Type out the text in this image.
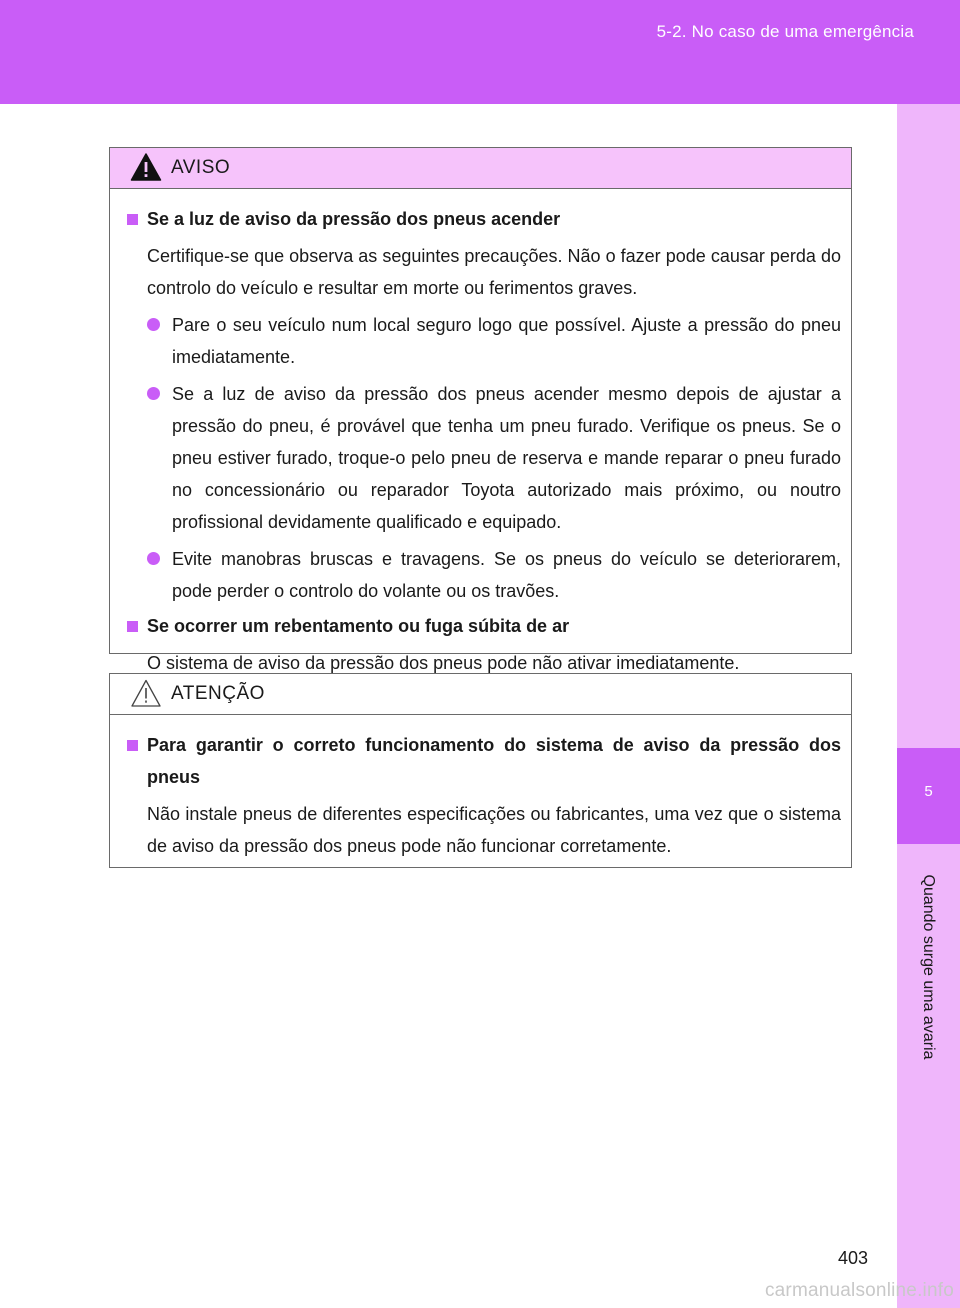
5-2. No caso de uma emergência
5
Quando surge uma avaria
AVISO
Se a luz de aviso da pressão dos pneus acender
Certifique-se que observa as seguintes precauções. Não o fazer pode causar perda do controlo do veículo e resultar em morte ou ferimentos graves.
Pare o seu veículo num local seguro logo que possível. Ajuste a pressão do pneu imediatamente.
Se a luz de aviso da pressão dos pneus acender mesmo depois de ajustar a pressão do pneu, é provável que tenha um pneu furado. Verifique os pneus. Se o pneu estiver furado, troque-o pelo pneu de reserva e mande reparar o pneu furado no concessionário ou reparador Toyota autorizado mais próximo, ou noutro profissional devidamente qualificado e equipado.
Evite manobras bruscas e travagens. Se os pneus do veículo se deteriorarem, pode perder o controlo do volante ou os travões.
Se ocorrer um rebentamento ou fuga súbita de ar
O sistema de aviso da pressão dos pneus pode não ativar imediatamente.
ATENÇÃO
Para garantir o correto funcionamento do sistema de aviso da pressão dos pneus
Não instale pneus de diferentes especificações ou fabricantes, uma vez que o sistema de aviso da pressão dos pneus pode não funcionar corretamente.
403
carmanualsonline.info
